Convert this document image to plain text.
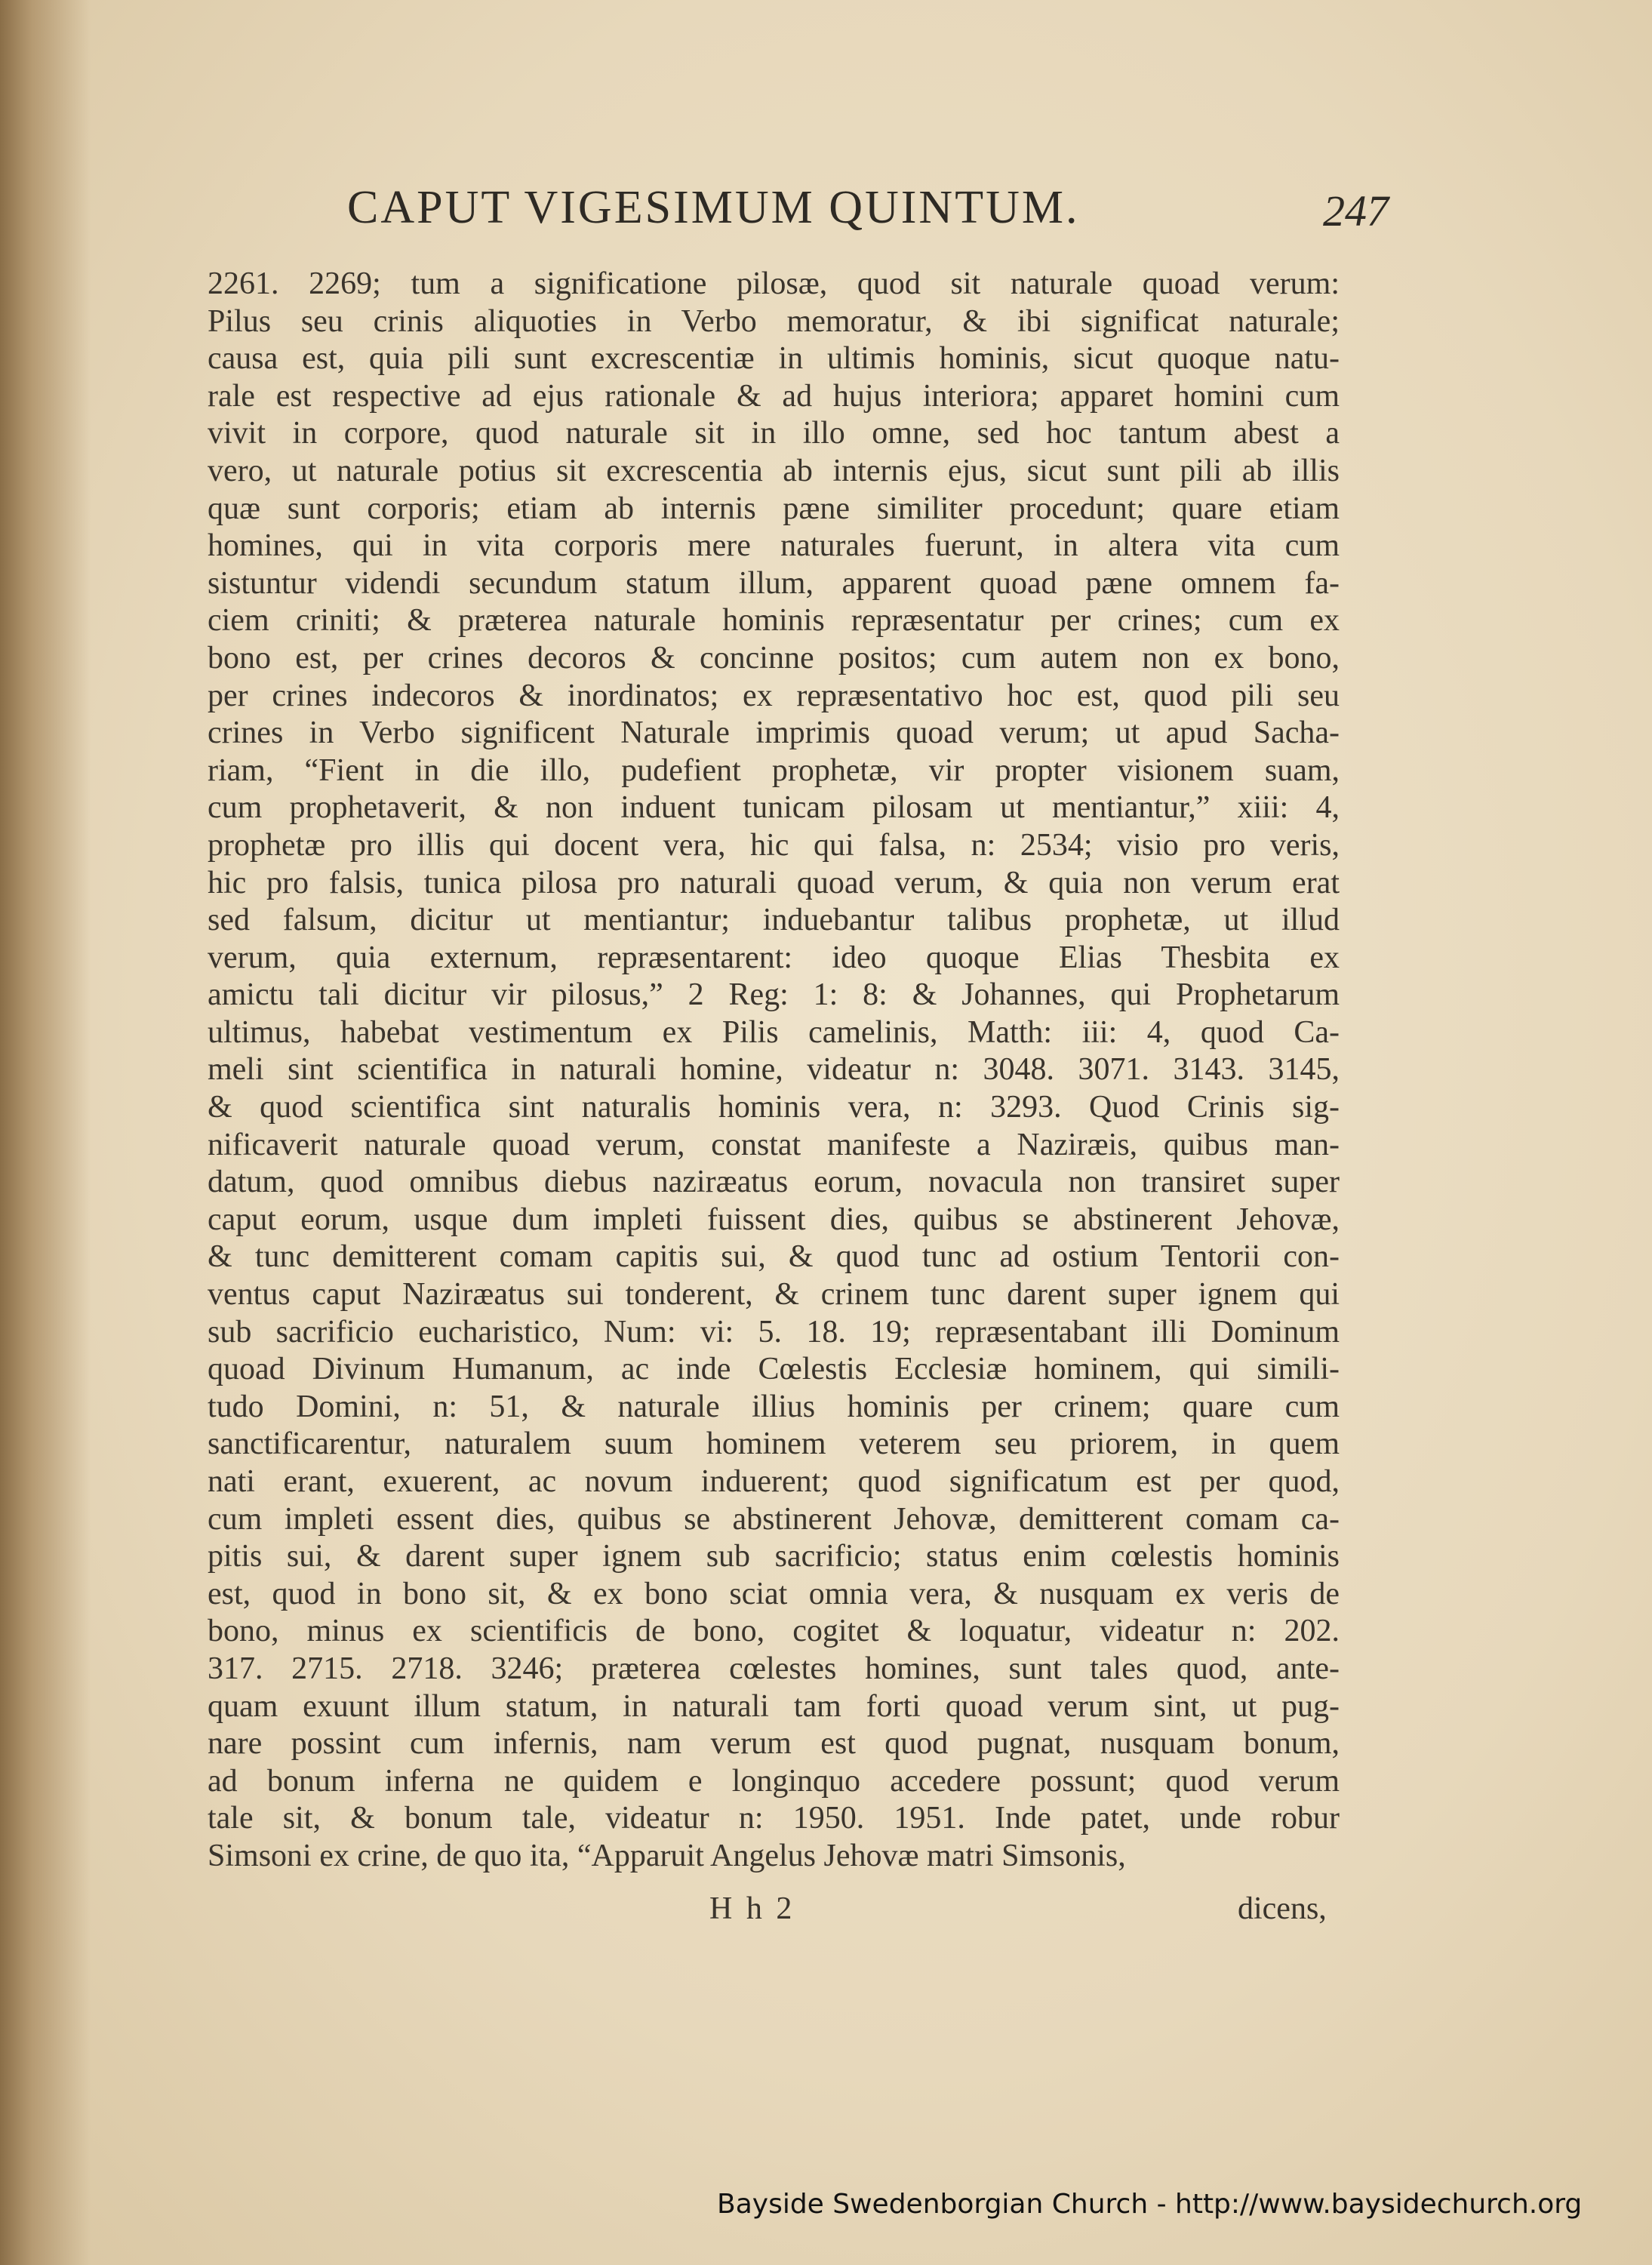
CAPUT VIGESIMUM QUINTUM.	247
2261. 2269; tum a significatione pilosæ, quod sit naturale quoad verum:
Pilus seu crinis aliquoties in Verbo memoratur, & ibi significat naturale;
causa est, quia pili sunt excrescentiæ in ultimis hominis, sicut quoque natu-
rale est respective ad ejus rationale & ad hujus interiora; apparet homini cum
vivit in corpore, quod naturale sit in illo omne, sed hoc tantum abest a
vero, ut naturale potius sit excrescentia ab internis ejus, sicut sunt pili ab illis
quæ sunt corporis; etiam ab internis pæne similiter procedunt; quare etiam
homines, qui in vita corporis mere naturales fuerunt, in altera vita cum
sistuntur videndi secundum statum illum, apparent quoad pæne omnem fa-
ciem criniti; & præterea naturale hominis repræsentatur per crines; cum ex
bono est, per crines decoros & concinne positos; cum autem non ex bono,
per crines indecoros & inordinatos; ex repræsentativo hoc est, quod pili seu
crines in Verbo significent Naturale imprimis quoad verum; ut apud Sacha-
riam, “Fient in die illo, pudefient prophetæ, vir propter visionem suam,
cum prophetaverit, & non induent tunicam pilosam ut mentiantur,” xiii: 4,
prophetæ pro illis qui docent vera, hic qui falsa, n: 2534; visio pro veris,
hic pro falsis, tunica pilosa pro naturali quoad verum, & quia non verum erat
sed falsum, dicitur ut mentiantur; induebantur talibus prophetæ, ut illud
verum, quia externum, repræsentarent: ideo quoque Elias Thesbita ex
amictu tali dicitur vir pilosus,” 2 Reg: 1: 8: & Johannes, qui Prophetarum
ultimus, habebat vestimentum ex Pilis camelinis, Matth: iii: 4, quod Ca-
meli sint scientifica in naturali homine, videatur n: 3048. 3071. 3143. 3145,
& quod scientifica sint naturalis hominis vera, n: 3293. Quod Crinis sig-
nificaverit naturale quoad verum, constat manifeste a Naziræis, quibus man-
datum, quod omnibus diebus naziræatus eorum, novacula non transiret super
caput eorum, usque dum impleti fuissent dies, quibus se abstinerent Jehovæ,
& tunc demitterent comam capitis sui, & quod tunc ad ostium Tentorii con-
ventus caput Naziræatus sui tonderent, & crinem tunc darent super ignem qui
sub sacrificio eucharistico, Num: vi: 5. 18. 19; repræsentabant illi Dominum
quoad Divinum Humanum, ac inde Cœlestis Ecclesiæ hominem, qui simili-
tudo Domini, n: 51, & naturale illius hominis per crinem; quare cum
sanctificarentur, naturalem suum hominem veterem seu priorem, in quem
nati erant, exuerent, ac novum induerent; quod significatum est per quod,
cum impleti essent dies, quibus se abstinerent Jehovæ, demitterent comam ca-
pitis sui, & darent super ignem sub sacrificio; status enim cœlestis hominis
est, quod in bono sit, & ex bono sciat omnia vera, & nusquam ex veris de
bono, minus ex scientificis de bono, cogitet & loquatur, videatur n: 202.
317. 2715. 2718. 3246; præterea cœlestes homines, sunt tales quod, ante-
quam exuunt illum statum, in naturali tam forti quoad verum sint, ut pug-
nare possint cum infernis, nam verum est quod pugnat, nusquam bonum,
ad bonum inferna ne quidem e longinquo accedere possunt; quod verum
tale sit, & bonum tale, videatur n: 1950. 1951. Inde patet, unde robur
Simsoni ex crine, de quo ita, “Apparuit Angelus Jehovæ matri Simsonis,
H h 2	dicens,
Bayside Swedenborgian Church - http://www.baysidechurch.org
